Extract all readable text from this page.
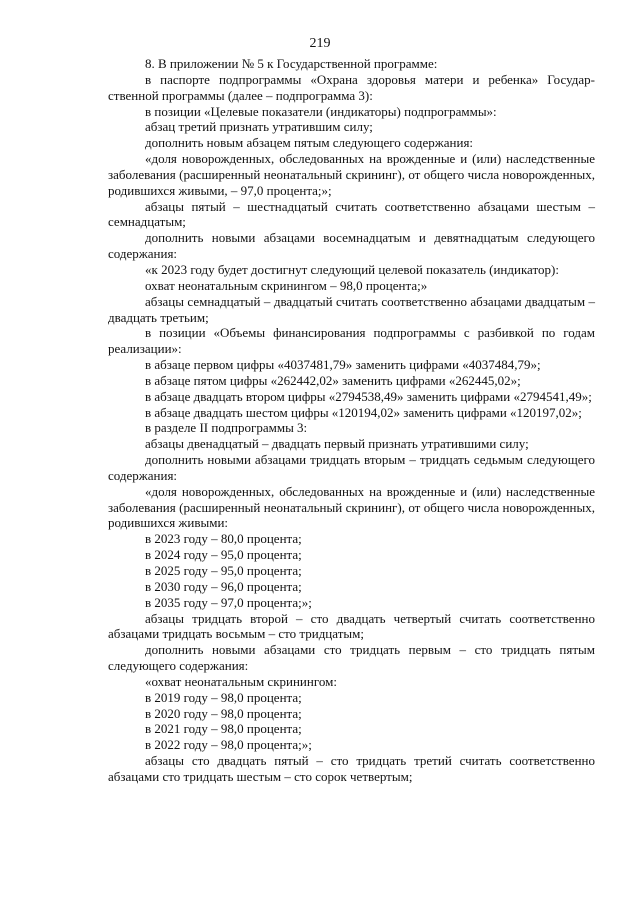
219

8. В приложении № 5 к Государственной программе:

в паспорте подпрограммы «Охрана здоровья матери и ребенка» Государственной программы (далее – подпрограмма 3):

в позиции «Целевые показатели (индикаторы) подпрограммы»:

абзац третий признать утратившим силу;

дополнить новым абзацем пятым следующего содержания:

«доля новорожденных, обследованных на врожденные и (или) наследственные заболевания (расширенный неонатальный скрининг), от общего числа новорожденных, родившихся живыми, – 97,0 процента;»;

абзацы пятый – шестнадцатый считать соответственно абзацами шестым – семнадцатым;

дополнить новыми абзацами восемнадцатым и девятнадцатым следующего содержания:

«к 2023 году будет достигнут следующий целевой показатель (индикатор):

охват неонатальным скринингом – 98,0 процента;»

абзацы семнадцатый – двадцатый считать соответственно абзацами двадцатым – двадцать третьим;

в позиции «Объемы финансирования подпрограммы с разбивкой по годам реализации»:

в абзаце первом цифры «4037481,79» заменить цифрами «4037484,79»;

в абзаце пятом цифры «262442,02» заменить цифрами «262445,02»;

в абзаце двадцать втором цифры «2794538,49» заменить цифрами «2794541,49»;

в абзаце двадцать шестом цифры «120194,02» заменить цифрами «120197,02»;

в разделе II подпрограммы 3:

абзацы двенадцатый – двадцать первый признать утратившими силу;

дополнить новыми абзацами тридцать вторым – тридцать седьмым следующего содержания:

«доля новорожденных, обследованных на врожденные и (или) наследственные заболевания (расширенный неонатальный скрининг), от общего числа новорожденных, родившихся живыми:

в 2023 году – 80,0 процента;

в 2024 году – 95,0 процента;

в 2025 году – 95,0 процента;

в 2030 году – 96,0 процента;

в 2035 году – 97,0 процента;»;

абзацы тридцать второй – сто двадцать четвертый считать соответственно абзацами тридцать восьмым – сто тридцатым;

дополнить новыми абзацами сто тридцать первым – сто тридцать пятым следующего содержания:

«охват неонатальным скринингом:

в 2019 году – 98,0 процента;

в 2020 году – 98,0 процента;

в 2021 году – 98,0 процента;

в 2022 году – 98,0 процента;»;

абзацы сто двадцать пятый – сто тридцать третий считать соответственно абзацами сто тридцать шестым – сто сорок четвертым;
